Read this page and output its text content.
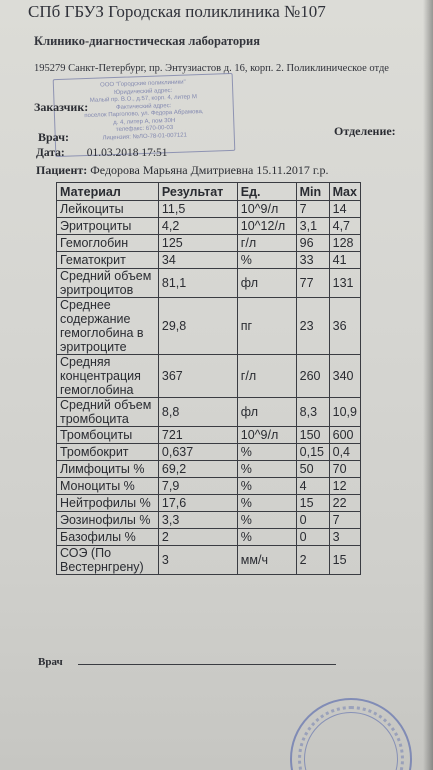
СПб ГБУЗ Городская поликлиника №107
Клинико-диагностическая лаборатория
195279 Санкт-Петербург, пр. Энтузиастов д. 16, корп. 2. Поликлиническое отде
ООО "Городские поликлиники"
Юридический адрес:
Малый пр. В.О., д.57, корп. 4, литер М
Фактический адрес:
поселок Парголово, ул. Федора Абрамова,
д. 4, литер А, пом 30Н
телефакс: 670-00-03
Лицензия: №ЛО-78-01-007121
Заказчик:
Врач:	Отделение:
Дата: 01.03.2018 17:51
Пациент: Федорова Марьяна Дмитриевна 15.11.2017 г.р.
Материал	Результат	Ед.	Min	Max
Лейкоциты	11,5	10^9/л	7	14
Эритроциты	4,2	10^12/л	3,1	4,7
Гемоглобин	125	г/л	96	128
Гематокрит	34	%	33	41
Средний объем эритроцитов	81,1	фл	77	131
Среднее содержание гемоглобина в эритроците	29,8	пг	23	36
Средняя концентрация гемоглобина	367	г/л	260	340
Средний объем тромбоцита	8,8	фл	8,3	10,9
Тромбоциты	721	10^9/л	150	600
Тромбокрит	0,637	%	0,15	0,4
Лимфоциты %	69,2	%	50	70
Моноциты %	7,9	%	4	12
Нейтрофилы %	17,6	%	15	22
Эозинофилы %	3,3	%	0	7
Базофилы %	2	%	0	3
СОЭ (По Вестернгрену)	3	мм/ч	2	15
Врач
